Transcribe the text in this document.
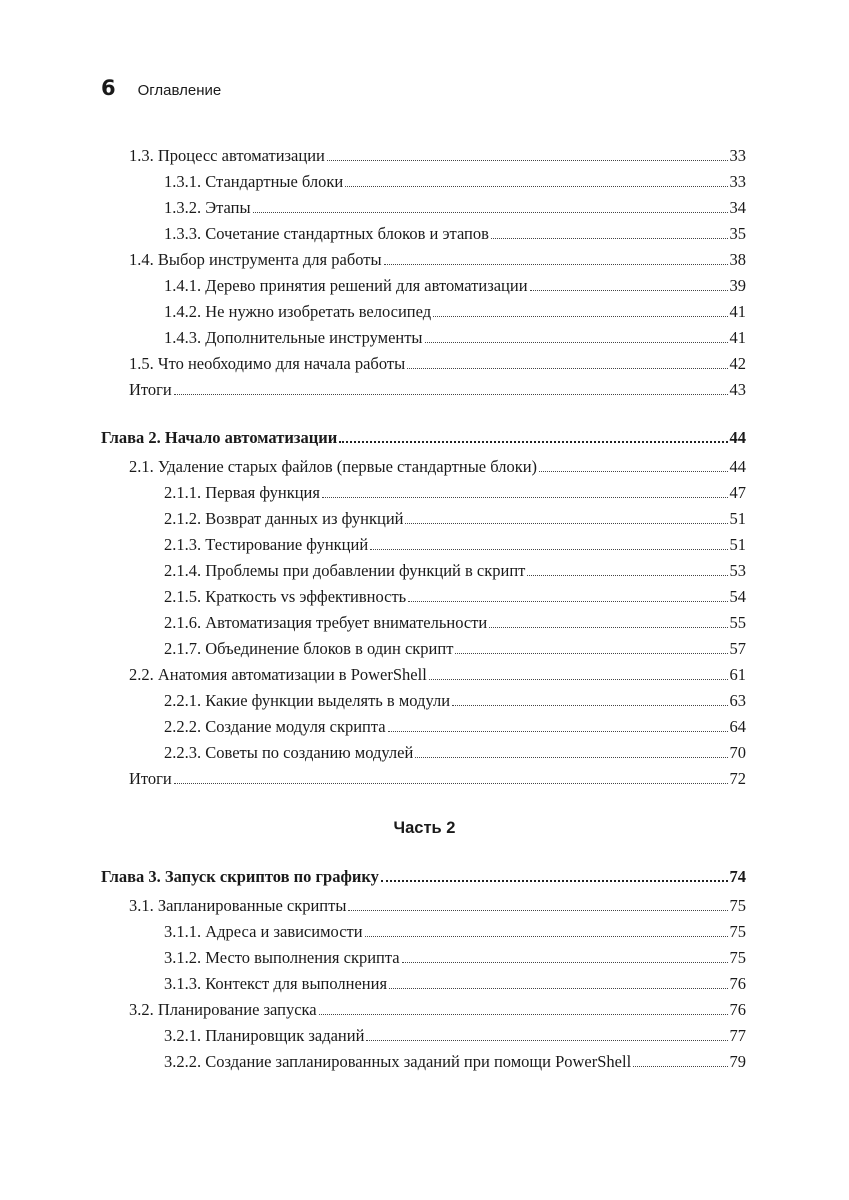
6 Оглавление
1.3. Процесс автоматизации	33
1.3.1. Стандартные блоки	33
1.3.2. Этапы	34
1.3.3. Сочетание стандартных блоков и этапов	35
1.4. Выбор инструмента для работы	38
1.4.1. Дерево принятия решений для автоматизации	39
1.4.2. Не нужно изобретать велосипед	41
1.4.3. Дополнительные инструменты	41
1.5. Что необходимо для начала работы	42
Итоги	43
Глава 2. Начало автоматизации	44
2.1. Удаление старых файлов (первые стандартные блоки)	44
2.1.1. Первая функция	47
2.1.2. Возврат данных из функций	51
2.1.3. Тестирование функций	51
2.1.4. Проблемы при добавлении функций в скрипт	53
2.1.5. Краткость vs эффективность	54
2.1.6. Автоматизация требует внимательности	55
2.1.7. Объединение блоков в один скрипт	57
2.2. Анатомия автоматизации в PowerShell	61
2.2.1. Какие функции выделять в модули	63
2.2.2. Создание модуля скрипта	64
2.2.3. Советы по созданию модулей	70
Итоги	72
Часть 2
Глава 3. Запуск скриптов по графику	74
3.1. Запланированные скрипты	75
3.1.1. Адреса и зависимости	75
3.1.2. Место выполнения скрипта	75
3.1.3. Контекст для выполнения	76
3.2. Планирование запуска	76
3.2.1. Планировщик заданий	77
3.2.2. Создание запланированных заданий при помощи PowerShell	79
